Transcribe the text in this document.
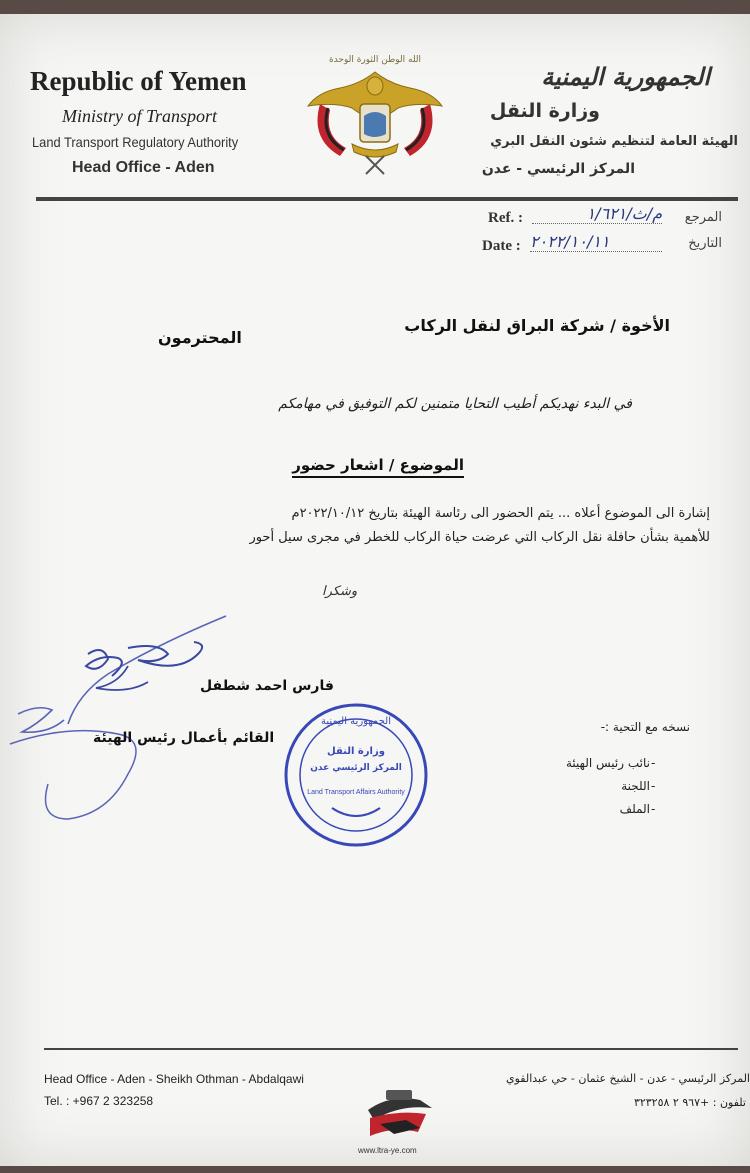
Republic of Yemen
Ministry of Transport
Land Transport Regulatory Authority
Head Office - Aden
الله الوطن الثورة الوحدة
الجمهورية اليمنية
وزارة النقل
الهيئة العامة لتنظيم شئون النقل البري
المركز الرئيسي - عدن
Ref. :	م/ث/١/٦٢١ المرجع
Date : ٢٠٢٢/١٠/١١	التاريخ
الأخوة / شركة البراق لنقل الركاب
المحترمون
في البدء نهديكم أطيب التحايا متمنين لكم التوفيق في مهامكم
الموضوع / اشعار حضور
إشارة الى الموضوع أعلاه ... يتم الحضور الى رئاسة الهيئة بتاريخ ٢٠٢٢/١٠/١٢م
للأهمية بشأن حافلة نقل الركاب التي عرضت حياة الركاب للخطر في مجرى سيل أحور
وشكرا
فارس احمد شطفل
القائم بأعمال رئيس الهيئة
الجمهورية اليمنية
وزارة النقل
المركز الرئيسي عدن
Land Transport Affairs Authority
نسخه مع التحية :-
نائب رئيس الهيئة -
اللجنة -
الملف -
Head Office - Aden - Sheikh Othman - Abdalqawi
Tel. : +967 2 323258
المركز الرئيسي - عدن - الشيخ عثمان - حي عبدالقوي
تلفون : +٩٦٧ ٢ ٣٢٣٢٥٨
www.ltra-ye.com
